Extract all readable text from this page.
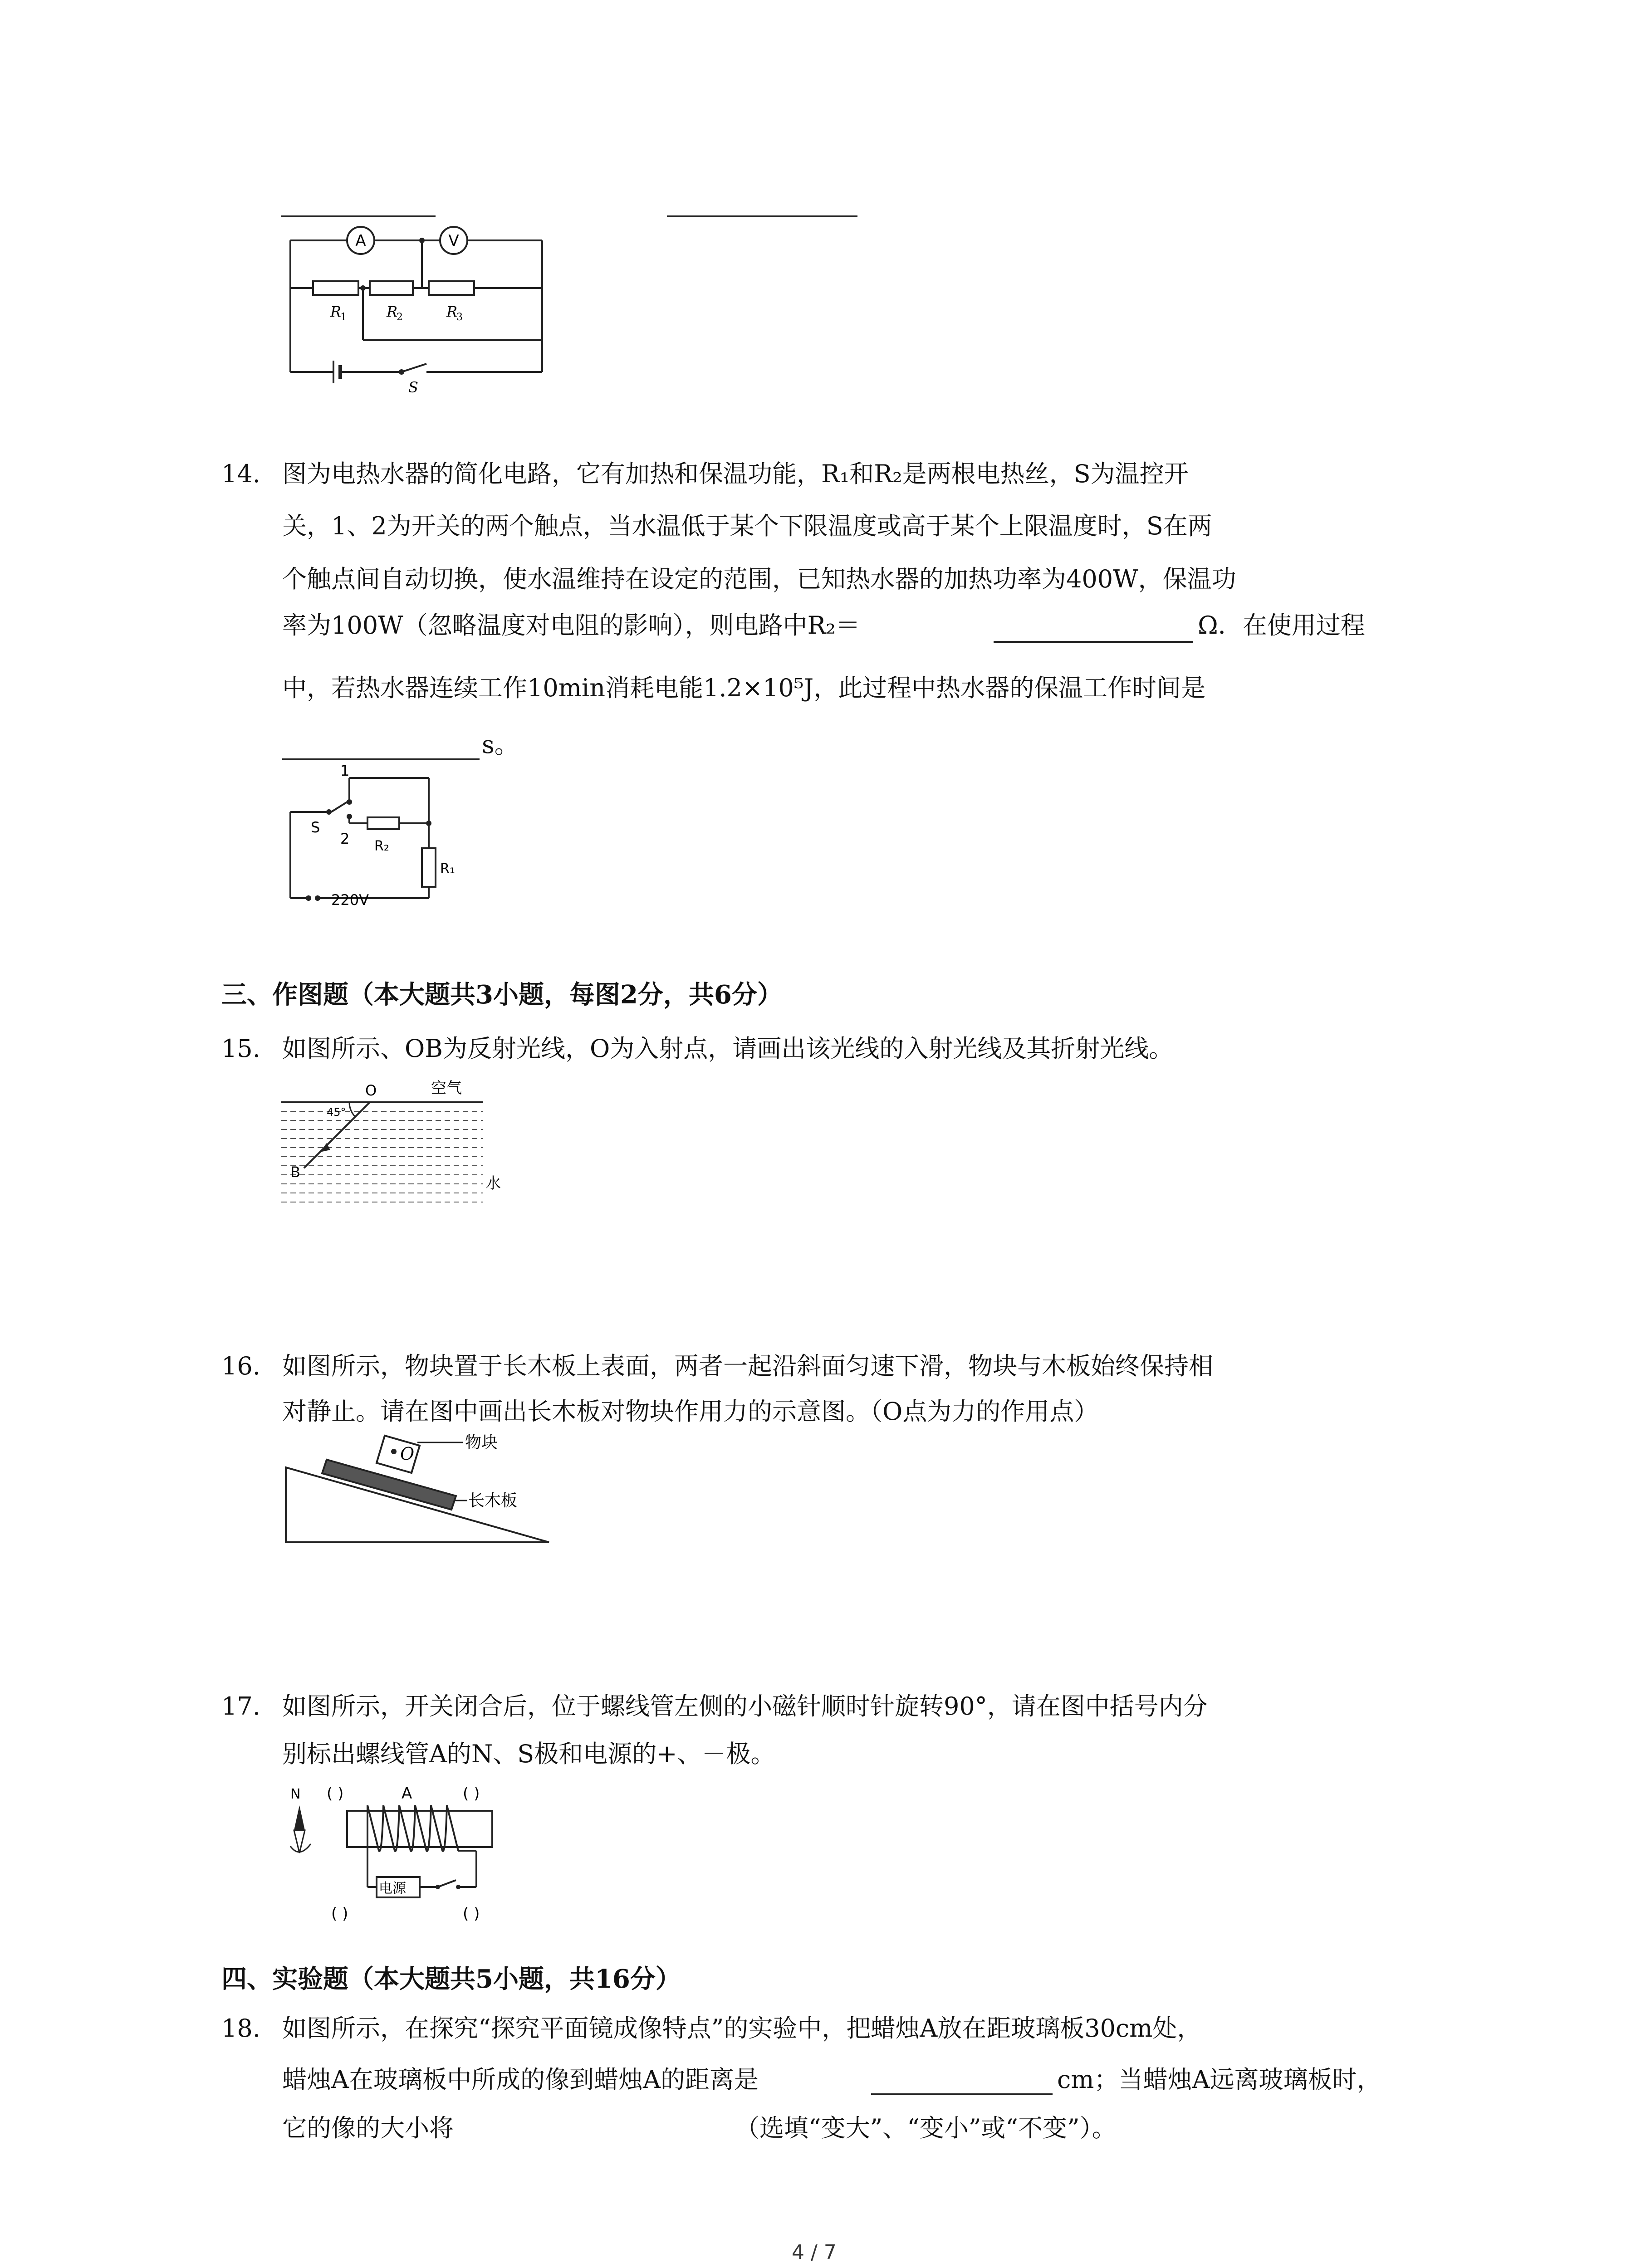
A	V
R
1	R
2	R
3
S
14. 图为电热水器的简化电路，它有加热和保温功能，R₁和R₂是两根电热丝，S为温控开
关，1、2为开关的两个触点，当水温低于某个下限温度或高于某个上限温度时，S在两
个触点间自动切换，使水温维持在设定的范围，已知热水器的加热功率为400W，保温功
率为100W（忽略温度对电阻的影响），则电路中R₂＝	Ω．在使用过程
中，若热水器连续工作10min消耗电能1.2×10⁵J，此过程中热水器的保温工作时间是
s。
1
2
S
R₂
R₁
220V
三、作图题（本大题共3小题，每图2分，共6分）
15. 如图所示、OB为反射光线，O为入射点，请画出该光线的入射光线及其折射光线。
O
B
空气
水
45°
16. 如图所示，物块置于长木板上表面，两者一起沿斜面匀速下滑，物块与木板始终保持相
对静止。请在图中画出长木板对物块作用力的示意图。（O点为力的作用点）
O
物块
长木板
17. 如图所示，开关闭合后，位于螺线管左侧的小磁针顺时针旋转90°，请在图中括号内分
别标出螺线管A的N、S极和电源的+、－极。
N ( )	A	( )
电源
( )	( )
四、实验题（本大题共5小题，共16分）
18. 如图所示，在探究“探究平面镜成像特点”的实验中，把蜡烛A放在距玻璃板30cm处，
蜡烛A在玻璃板中所成的像到蜡烛A的距离是	cm；当蜡烛A远离玻璃板时，
它的像的大小将	（选填“变大”、“变小”或“不变”）。
4 / 7
